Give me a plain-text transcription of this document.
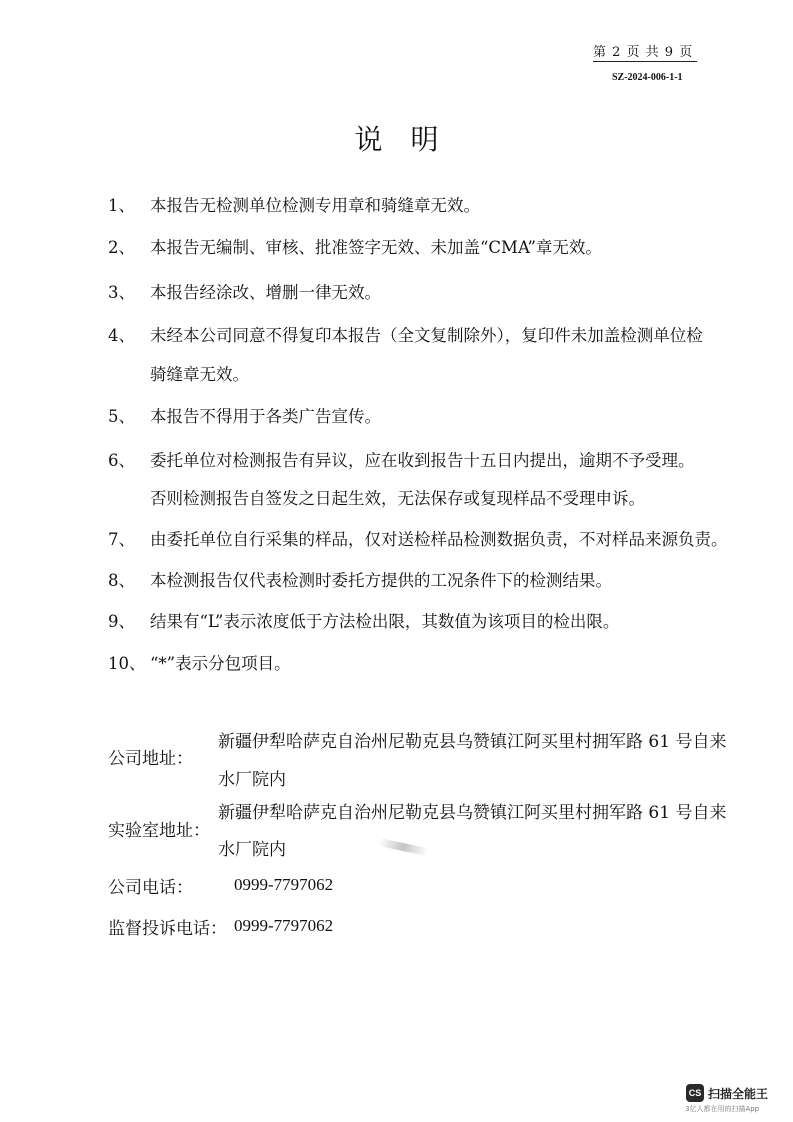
第 2 页 共 9 页
SZ-2024-006-1-1
说明
1、 本报告无检测单位检测专用章和骑缝章无效。
2、 本报告无编制、审核、批准签字无效、未加盖“CMA”章无效。
3、 本报告经涂改、增删一律无效。
4、 未经本公司同意不得复印本报告（全文复制除外），复印件未加盖检测单位检
骑缝章无效。
5、 本报告不得用于各类广告宣传。
6、 委托单位对检测报告有异议，应在收到报告十五日内提出，逾期不予受理。
否则检测报告自签发之日起生效，无法保存或复现样品不受理申诉。
7、 由委托单位自行采集的样品，仅对送检样品检测数据负责，不对样品来源负责。
8、 本检测报告仅代表检测时委托方提供的工况条件下的检测结果。
9、 结果有“L”表示浓度低于方法检出限，其数值为该项目的检出限。
10、 “*”表示分包项目。
公司地址：
新疆伊犁哈萨克自治州尼勒克县乌赞镇江阿买里村拥军路 61 号自来
水厂院内
实验室地址：
新疆伊犁哈萨克自治州尼勒克县乌赞镇江阿买里村拥军路 61 号自来
水厂院内
公司电话： 0999-7797062
监督投诉电话： 0999-7797062
CS 扫描全能王
3亿人都在用的扫描App
